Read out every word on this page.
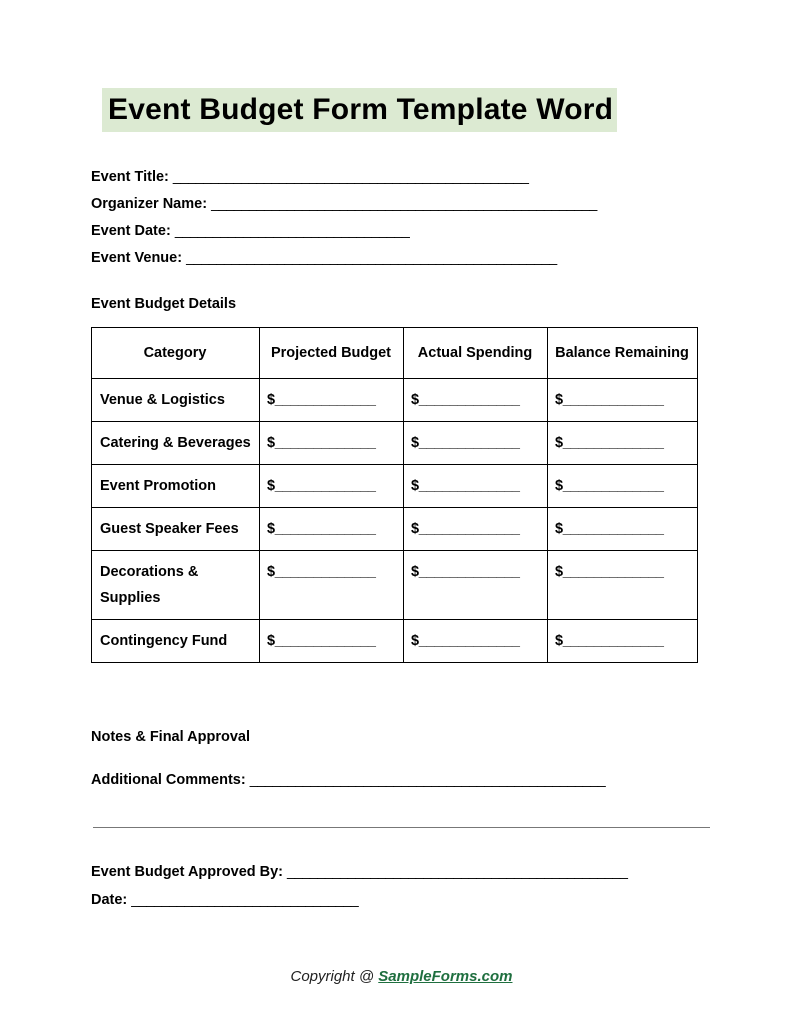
Event Budget Form Template Word
Event Title: _______________________________________________
Organizer Name: ___________________________________________________
Event Date: _______________________________
Event Venue: _________________________________________________
Event Budget Details
Category	Projected Budget	Actual Spending	Balance Remaining
Venue & Logistics	$_____________	$_____________	$_____________
Catering & Beverages	$_____________	$_____________	$_____________
Event Promotion	$_____________	$_____________	$_____________
Guest Speaker Fees	$_____________	$_____________	$_____________
Decorations & Supplies	$_____________	$_____________	$_____________
Contingency Fund	$_____________	$_____________	$_____________
Notes & Final Approval
Additional Comments: _______________________________________________
Event Budget Approved By: _____________________________________________
Date: ______________________________
Copyright @ SampleForms.com
